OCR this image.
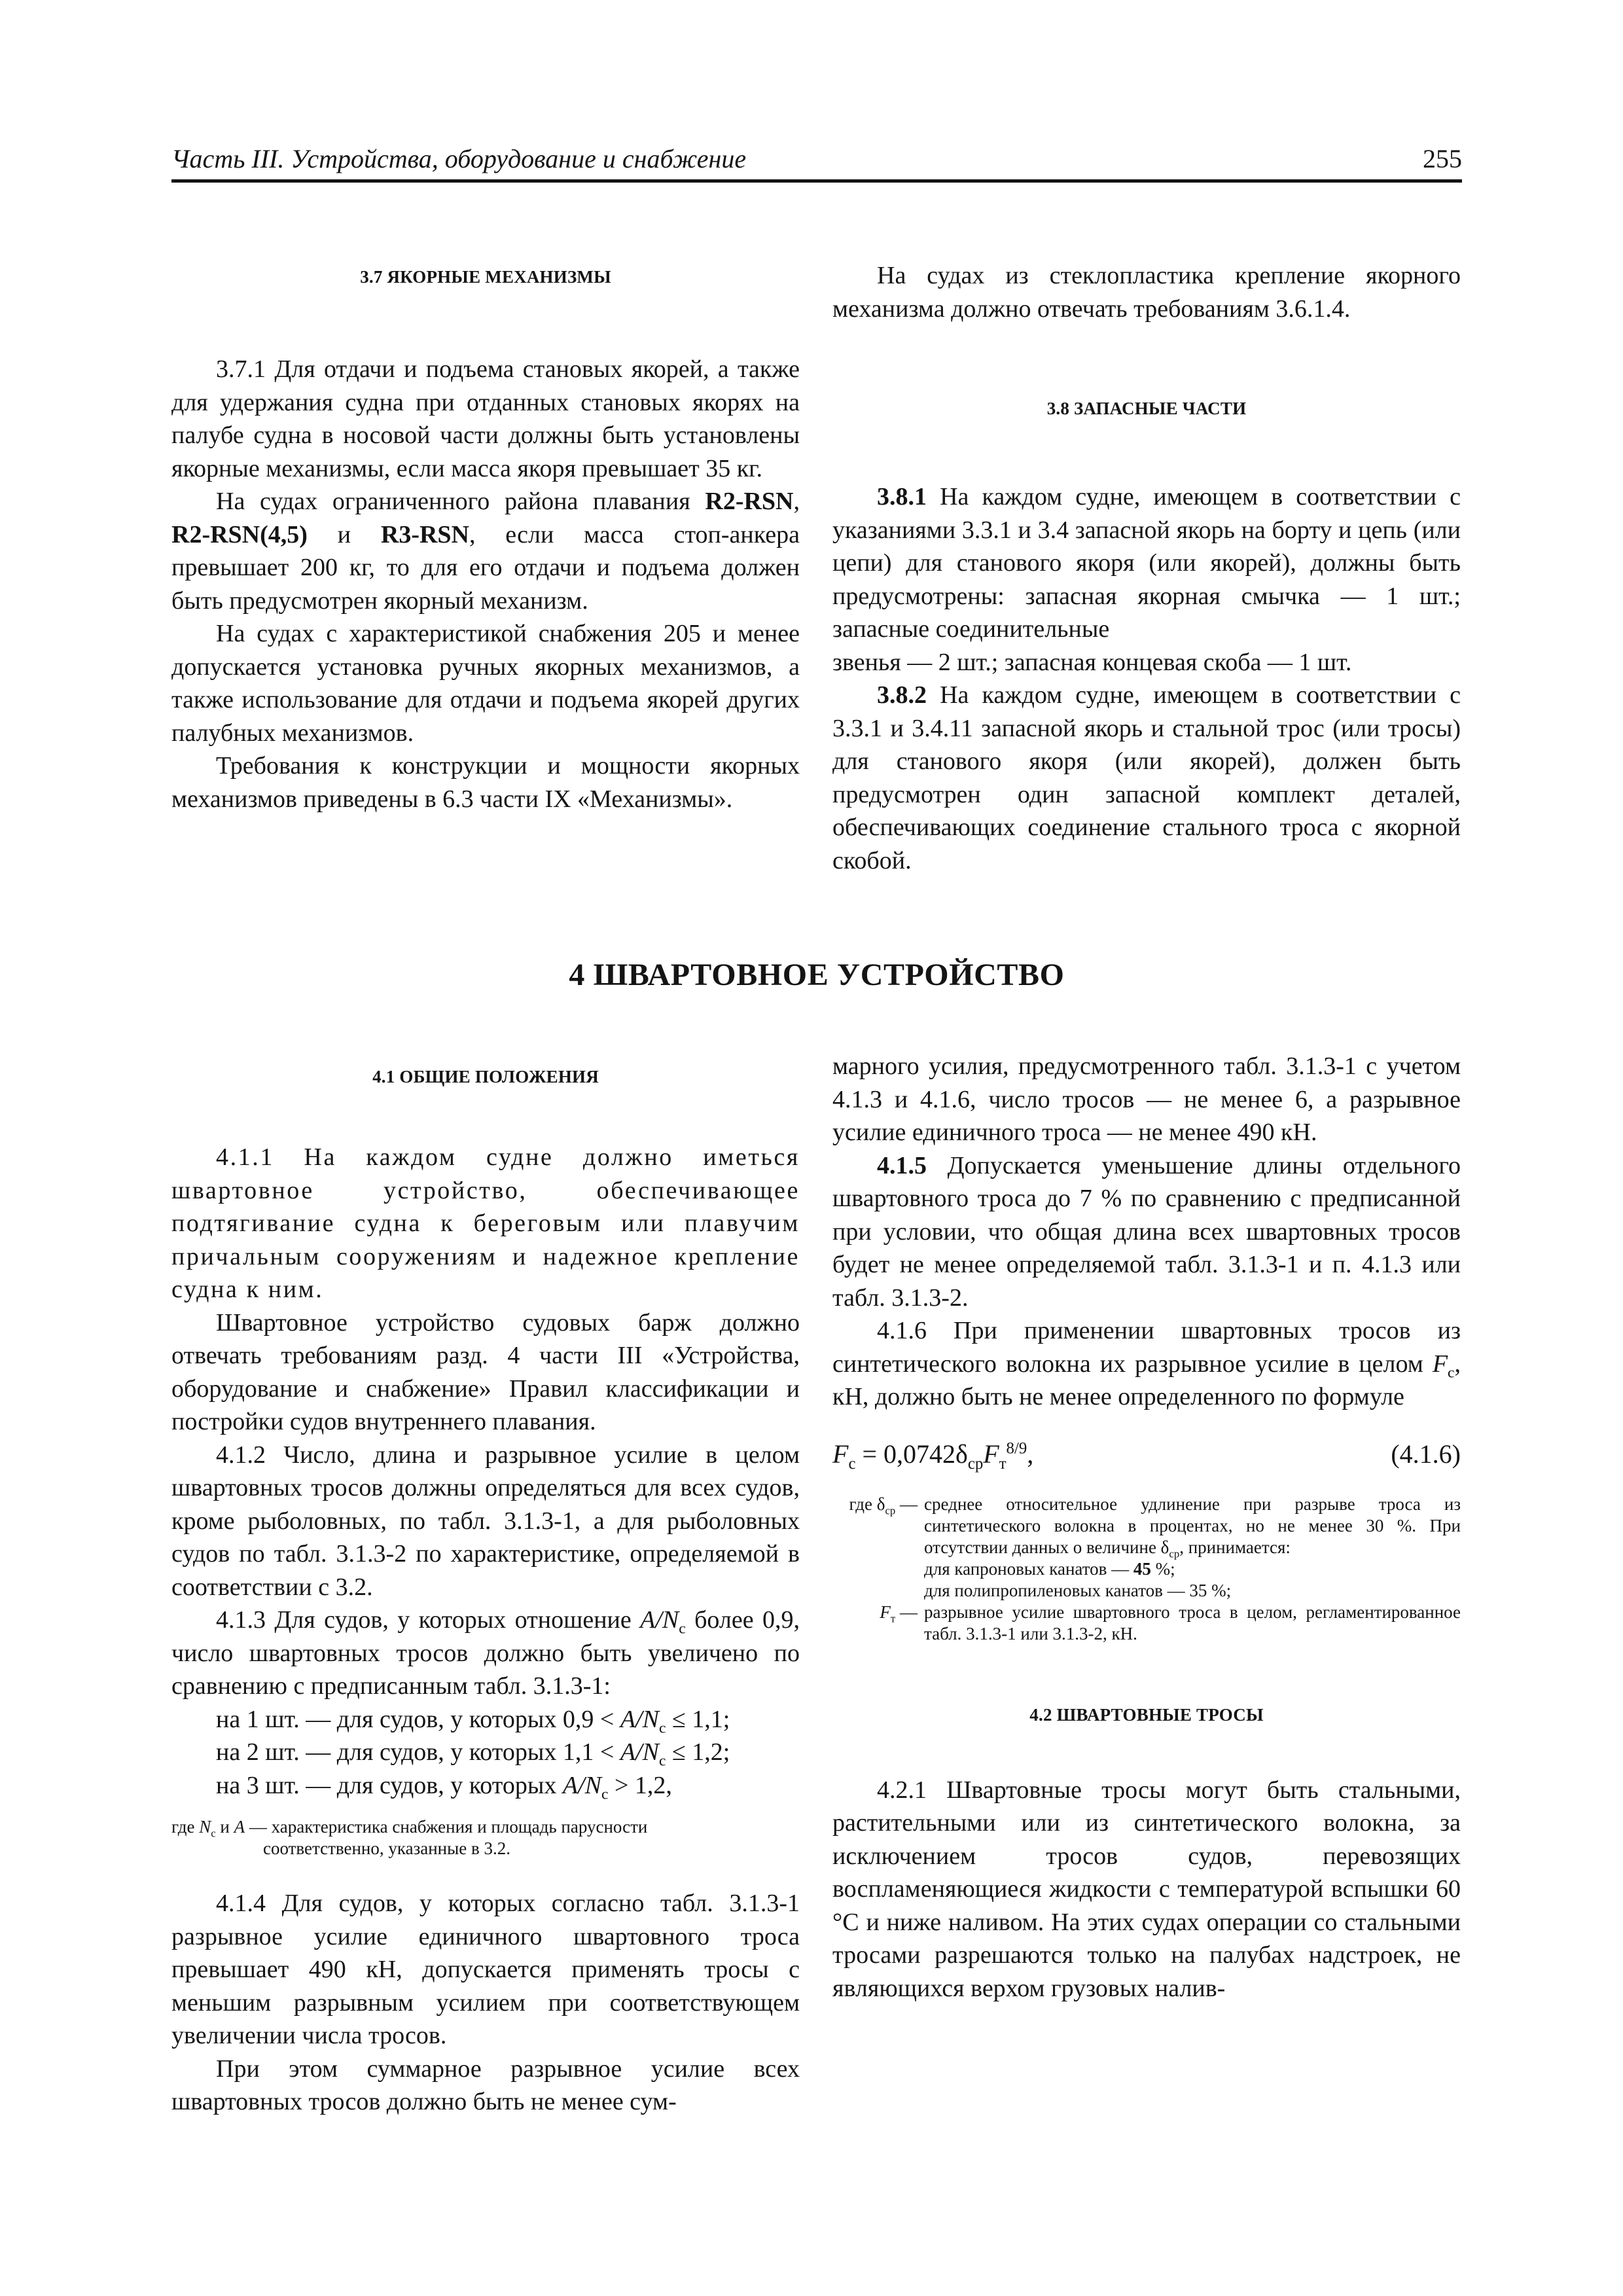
Часть III. Устройства, оборудование и снабжение	255

3.7 ЯКОРНЫЕ МЕХАНИЗМЫ

3.7.1 Для отдачи и подъема становых якорей, а также для удержания судна при отданных становых якорях на палубе судна в носовой части должны быть установлены якорные механизмы, если масса якоря превышает 35 кг.

На судах ограниченного района плавания R2-RSN, R2-RSN(4,5) и R3-RSN, если масса стоп-анкера превышает 200 кг, то для его отдачи и подъема должен быть предусмотрен якорный механизм.

На судах с характеристикой снабжения 205 и менее допускается установка ручных якорных механизмов, а также использование для отдачи и подъема якорей других палубных механизмов.

Требования к конструкции и мощности якорных механизмов приведены в 6.3 части IX «Механизмы».

На судах из стеклопластика крепление якорного механизма должно отвечать требованиям 3.6.1.4.

3.8 ЗАПАСНЫЕ ЧАСТИ

3.8.1 На каждом судне, имеющем в соответствии с указаниями 3.3.1 и 3.4 запасной якорь на борту и цепь (или цепи) для станового якоря (или якорей), должны быть предусмотрены: запасная якорная смычка — 1 шт.; запасные соединительные

звенья — 2 шт.; запасная концевая скоба — 1 шт.

3.8.2 На каждом судне, имеющем в соответствии с 3.3.1 и 3.4.11 запасной якорь и стальной трос (или тросы) для станового якоря (или якорей), должен быть предусмотрен один запасной комплект деталей, обеспечивающих соединение стального троса с якорной скобой.

4 ШВАРТОВНОЕ УСТРОЙСТВО

4.1 ОБЩИЕ ПОЛОЖЕНИЯ

4.1.1 На каждом судне должно иметься швартовное устройство, обеспечивающее подтягивание судна к береговым или плавучим причальным сооружениям и надежное крепление судна к ним.

Швартовное устройство судовых барж должно отвечать требованиям разд. 4 части III «Устройства, оборудование и снабжение» Правил классификации и постройки судов внутреннего плавания.

4.1.2 Число, длина и разрывное усилие в целом швартовных тросов должны определяться для всех судов, кроме рыболовных, по табл. 3.1.3-1, а для рыболовных судов по табл. 3.1.3-2 по характеристике, определяемой в соответствии с 3.2.

4.1.3 Для судов, у которых отношение $A/N_c$ более 0,9, число швартовных тросов должно быть увеличено по сравнению с предписанным табл. 3.1.3-1:

на 1 шт. — для судов, у которых $0,9 < A/N_c \le 1,1$;

на 2 шт. — для судов, у которых $1,1 < A/N_c \le 1,2$;

на 3 шт. — для судов, у которых $A/N_c > 1,2$,

где $N_c$ и A — характеристика снабжения и площадь парусности

соответственно, указанные в 3.2.

4.1.4 Для судов, у которых согласно табл. 3.1.3-1 разрывное усилие единичного швартовного троса превышает 490 кН, допускается применять тросы с меньшим разрывным усилием при соответствующем увеличении числа тросов.

При этом суммарное разрывное усилие всех швартовных тросов должно быть не менее сум-

марного усилия, предусмотренного табл. 3.1.3-1 с учетом 4.1.3 и 4.1.6, число тросов — не менее 6, а разрывное усилие единичного троса — не менее 490 кН.

4.1.5 Допускается уменьшение длины отдельного швартовного троса до 7 % по сравнению с предписанной при условии, что общая длина всех швартовных тросов будет не менее определяемой табл. 3.1.3-1 и п. 4.1.3 или табл. 3.1.3-2.

4.1.6 При применении швартовных тросов из синтетического волокна их разрывное усилие в целом $F_c$, кН, должно быть не менее определенного по формуле

$F_c = 0,0742\delta_{ср}F_т^{8/9}$,	(4.1.6)
где $\delta_{ср}$ — среднее относительное удлинение при разрыве троса из синтетического волокна в процентах, но не менее 30 %. При отсутствии данных о величине $\delta_{ср}$, принимается:
для капроновых канатов — 45 %;
для полипропиленовых канатов — 35 %;
$F_т$ — разрывное усилие швартовного троса в целом, регламентированное табл. 3.1.3-1 или 3.1.3-2, кН.

4.2 ШВАРТОВНЫЕ ТРОСЫ

4.2.1 Швартовные тросы могут быть стальными, растительными или из синтетического волокна, за исключением тросов судов, перевозящих воспламеняющиеся жидкости с температурой вспышки 60 °С и ниже наливом. На этих судах операции со стальными тросами разрешаются только на палубах надстроек, не являющихся верхом грузовых налив-
